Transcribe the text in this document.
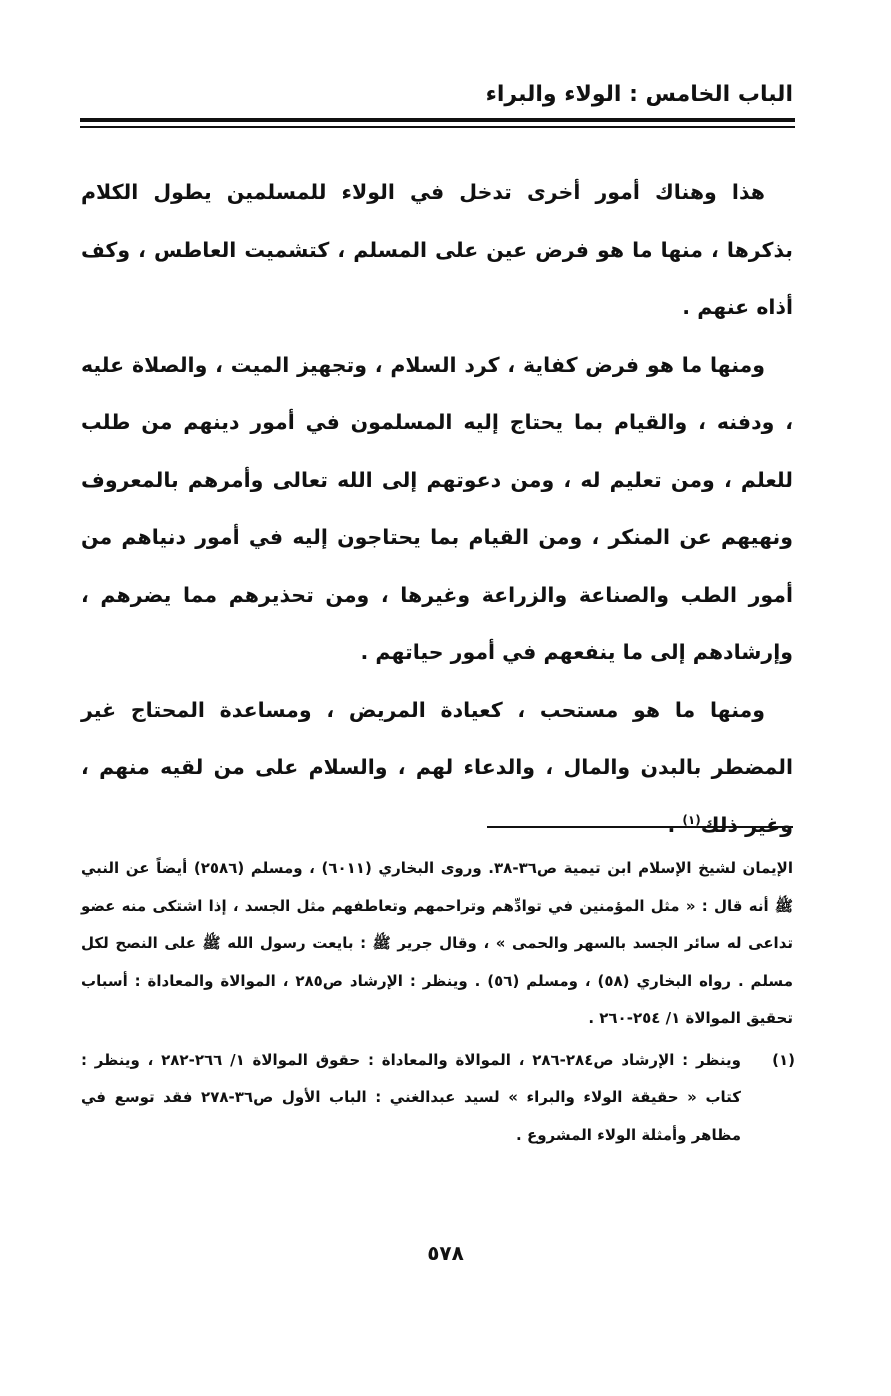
الباب الخامس : الولاء والبراء

هذا وهناك أمور أخرى تدخل في الولاء للمسلمين يطول الكلام بذكرها ، منها ما هو فرض عين على المسلم ، كتشميت العاطس ، وكف أذاه عنهم .

ومنها ما هو فرض كفاية ، كرد السلام ، وتجهيز الميت ، والصلاة عليه ، ودفنه ، والقيام بما يحتاج إليه المسلمون في أمور دينهم من طلب للعلم ، ومن تعليم له ، ومن دعوتهم إلى الله تعالى وأمرهم بالمعروف ونهيهم عن المنكر ، ومن القيام بما يحتاجون إليه في أمور دنياهم من أمور الطب والصناعة والزراعة وغيرها ، ومن تحذيرهم مما يضرهم ، وإرشادهم إلى ما ينفعهم في أمور حياتهم .

ومنها ما هو مستحب ، كعيادة المريض ، ومساعدة المحتاج غير المضطر بالبدن والمال ، والدعاء لهم ، والسلام على من لقيه منهم ، وغير ذلك$^{(١)}$ .

الإيمان لشيخ الإسلام ابن تيمية ص٣٦-٣٨. وروى البخاري (٦٠١١) ، ومسلم (٢٥٨٦) أيضاً عن النبي ﷺ أنه قال : « مثل المؤمنين في توادِّهم وتراحمهم وتعاطفهم مثل الجسد ، إذا اشتكى منه عضو تداعى له سائر الجسد بالسهر والحمى » ، وقال جرير ﷺ : بايعت رسول الله ﷺ على النصح لكل مسلم . رواه البخاري (٥٨) ، ومسلم (٥٦) . وينظر : الإرشاد ص٢٨٥ ، الموالاة والمعاداة : أسباب تحقيق الموالاة ١/ ٢٥٤-٢٦٠ .

(١)
وينظر : الإرشاد ص٢٨٤-٢٨٦ ، الموالاة والمعاداة : حقوق الموالاة ١/ ٢٦٦-٢٨٢ ، وينظر : كتاب « حقيقة الولاء والبراء » لسيد عبدالغني : الباب الأول ص٣٦-٢٧٨ فقد توسع في مظاهر وأمثلة الولاء المشروع .

٥٧٨
